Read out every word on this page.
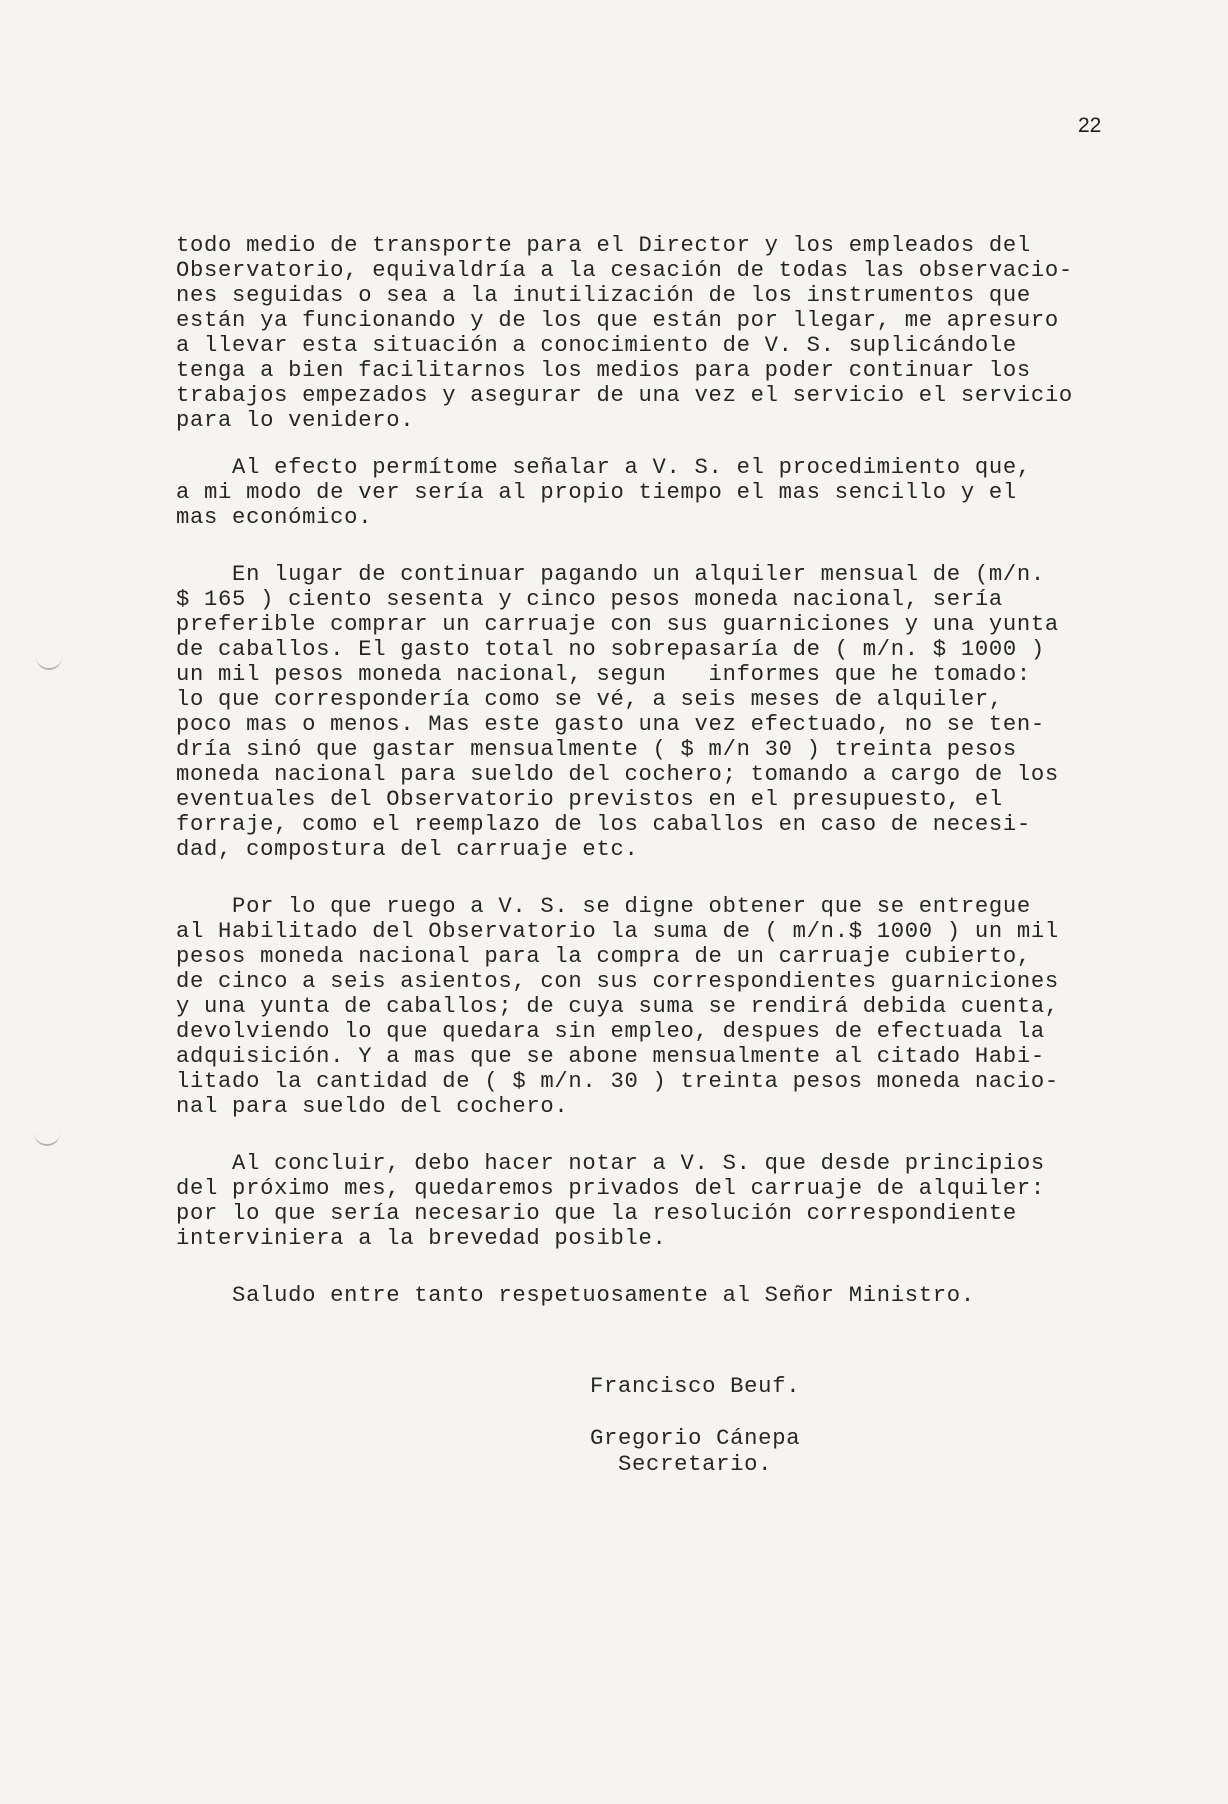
22
todo medio de transporte para el Director y los empleados del
Observatorio, equivaldría a la cesación de todas las observacio-
nes seguidas o sea a la inutilización de los instrumentos que
están ya funcionando y de los que están por llegar, me apresuro
a llevar esta situación a conocimiento de V. S. suplicándole
tenga a bien facilitarnos los medios para poder continuar los
trabajos empezados y asegurar de una vez el servicio el servicio
para lo venidero.
Al efecto permítome señalar a V. S. el procedimiento que,
a mi modo de ver sería al propio tiempo el mas sencillo y el
mas económico.
En lugar de continuar pagando un alquiler mensual de (m/n.
$ 165 ) ciento sesenta y cinco pesos moneda nacional, sería
preferible comprar un carruaje con sus guarniciones y una yunta
de caballos. El gasto total no sobrepasaría de ( m/n. $ 1000 )
un mil pesos moneda nacional, segun   informes que he tomado:
lo que correspondería como se vé, a seis meses de alquiler,
poco mas o menos. Mas este gasto una vez efectuado, no se ten-
dría sinó que gastar mensualmente ( $ m/n 30 ) treinta pesos
moneda nacional para sueldo del cochero; tomando a cargo de los
eventuales del Observatorio previstos en el presupuesto, el
forraje, como el reemplazo de los caballos en caso de necesi-
dad, compostura del carruaje etc.
Por lo que ruego a V. S. se digne obtener que se entregue
al Habilitado del Observatorio la suma de ( m/n.$ 1000 ) un mil
pesos moneda nacional para la compra de un carruaje cubierto,
de cinco a seis asientos, con sus correspondientes guarniciones
y una yunta de caballos; de cuya suma se rendirá debida cuenta,
devolviendo lo que quedara sin empleo, despues de efectuada la
adquisición. Y a mas que se abone mensualmente al citado Habi-
litado la cantidad de ( $ m/n. 30 ) treinta pesos moneda nacio-
nal para sueldo del cochero.
Al concluir, debo hacer notar a V. S. que desde principios
del próximo mes, quedaremos privados del carruaje de alquiler:
por lo que sería necesario que la resolución correspondiente
interviniera a la brevedad posible.
Saludo entre tanto respetuosamente al Señor Ministro.
Francisco Beuf.
Gregorio Cánepa
Secretario.
